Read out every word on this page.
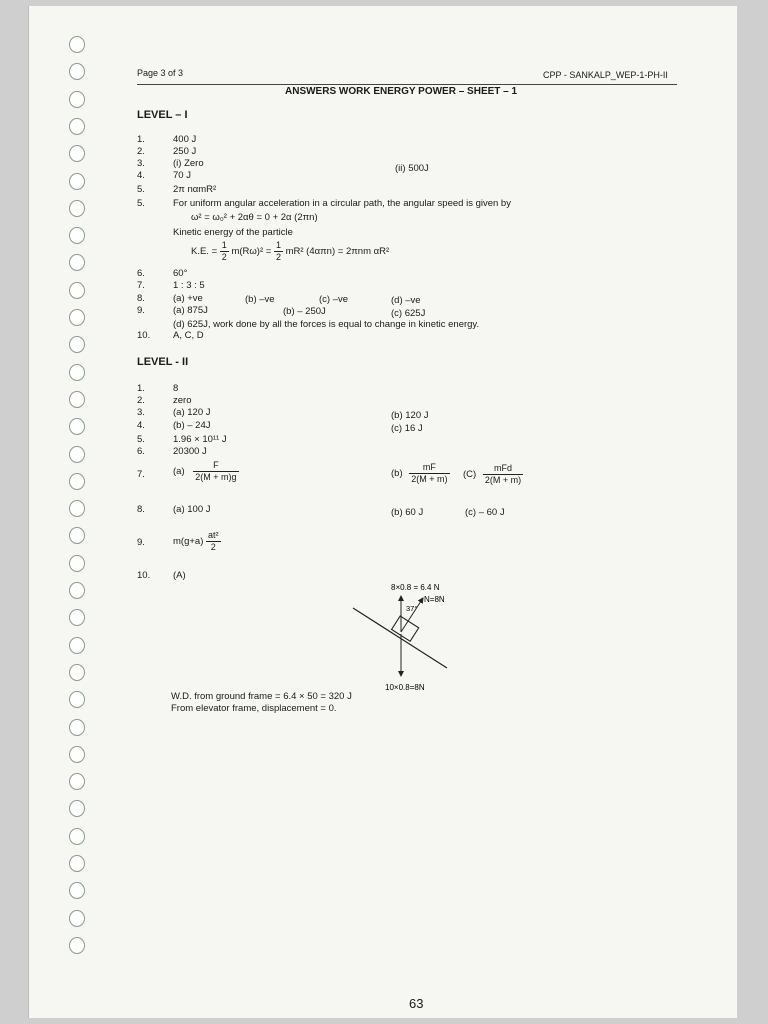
Page 3 of 3	CPP - SANKALP_WEP-1-PH-II
ANSWERS WORK ENERGY POWER – SHEET – 1
LEVEL – I
1.	400 J
2.	250 J
3.	(i) Zero	(ii) 500J
4.	70 J
5.	2π nαmR²
5.	For uniform angular acceleration in a circular path, the angular speed is given by
ω² = ω₀² + 2αθ = 0 + 2α (2πn)
Kinetic energy of the particle
K.E. = $\frac{1}{2} m(R\omega)^2 = \frac{1}{2} mR^2$ (4απn) = 2πnm αR²
6.	60°
7.	1 : 3 : 5
8.	(a) +ve	(b) –ve	(c) –ve	(d) –ve
9.	(a) 875J	(b) – 250J	(c) 625J
(d) 625J, work done by all the forces is equal to change in kinetic energy.
10. A, C, D
LEVEL - II
1.	8
2.	zero
3.	(a) 120 J	(b) 120 J
4.	(b) – 24J	(c) 16 J
5.	1.96 × 10¹¹ J
6.	20300 J
7.	$(a) \frac{F}{2(M + m)g}$	$(b) \frac{mF}{2(M + m)} (C) \frac{\text{mFd}}{2(M + m)}$
8.	(a) 100 J	(b) 60 J	(c) – 60 J
9.	$m(g+a) \frac{\text{at²}}{2}$
10. (A)
8×0.8 = 6.4 N
N=8N
37°
10×0.8=8N
W.D. from ground frame = 6.4 × 50 = 320 J
From elevator frame, displacement = 0.
63
